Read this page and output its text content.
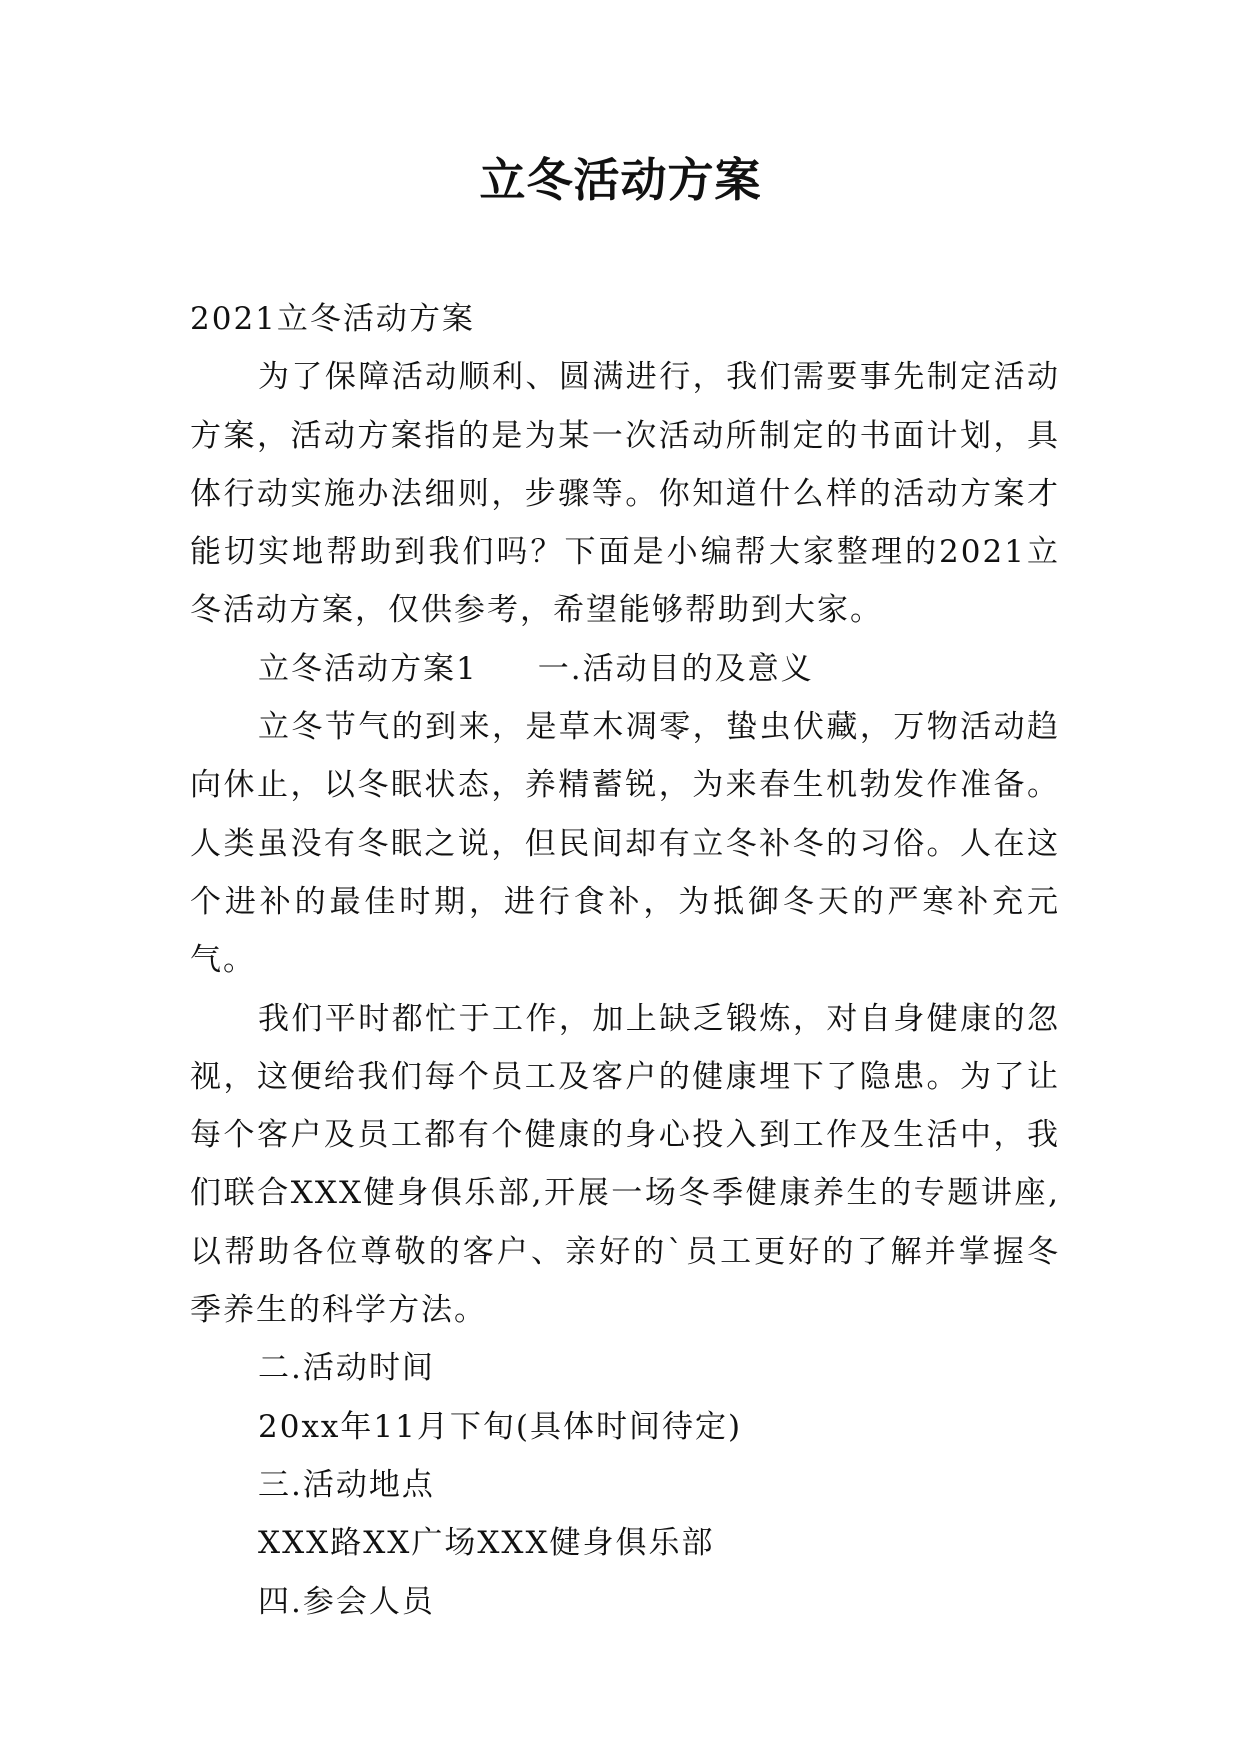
立冬活动方案

2021立冬活动方案

为了保障活动顺利、圆满进行，我们需要事先制定活动方案，活动方案指的是为某一次活动所制定的书面计划，具体行动实施办法细则，步骤等。你知道什么样的活动方案才能切实地帮助到我们吗？下面是小编帮大家整理的2021立冬活动方案，仅供参考，希望能够帮助到大家。

立冬活动方案1 一.活动目的及意义

立冬节气的到来，是草木凋零，蛰虫伏藏，万物活动趋向休止，以冬眠状态，养精蓄锐，为来春生机勃发作准备。人类虽没有冬眠之说，但民间却有立冬补冬的习俗。人在这个进补的最佳时期，进行食补，为抵御冬天的严寒补充元气。

我们平时都忙于工作，加上缺乏锻炼，对自身健康的忽视，这便给我们每个员工及客户的健康埋下了隐患。为了让每个客户及员工都有个健康的身心投入到工作及生活中，我们联合XXX健身俱乐部,开展一场冬季健康养生的专题讲座,以帮助各位尊敬的客户、亲好的`员工更好的了解并掌握冬季养生的科学方法。

二.活动时间

20xx年11月下旬(具体时间待定)

三.活动地点

XXX路XX广场XXX健身俱乐部

四.参会人员
